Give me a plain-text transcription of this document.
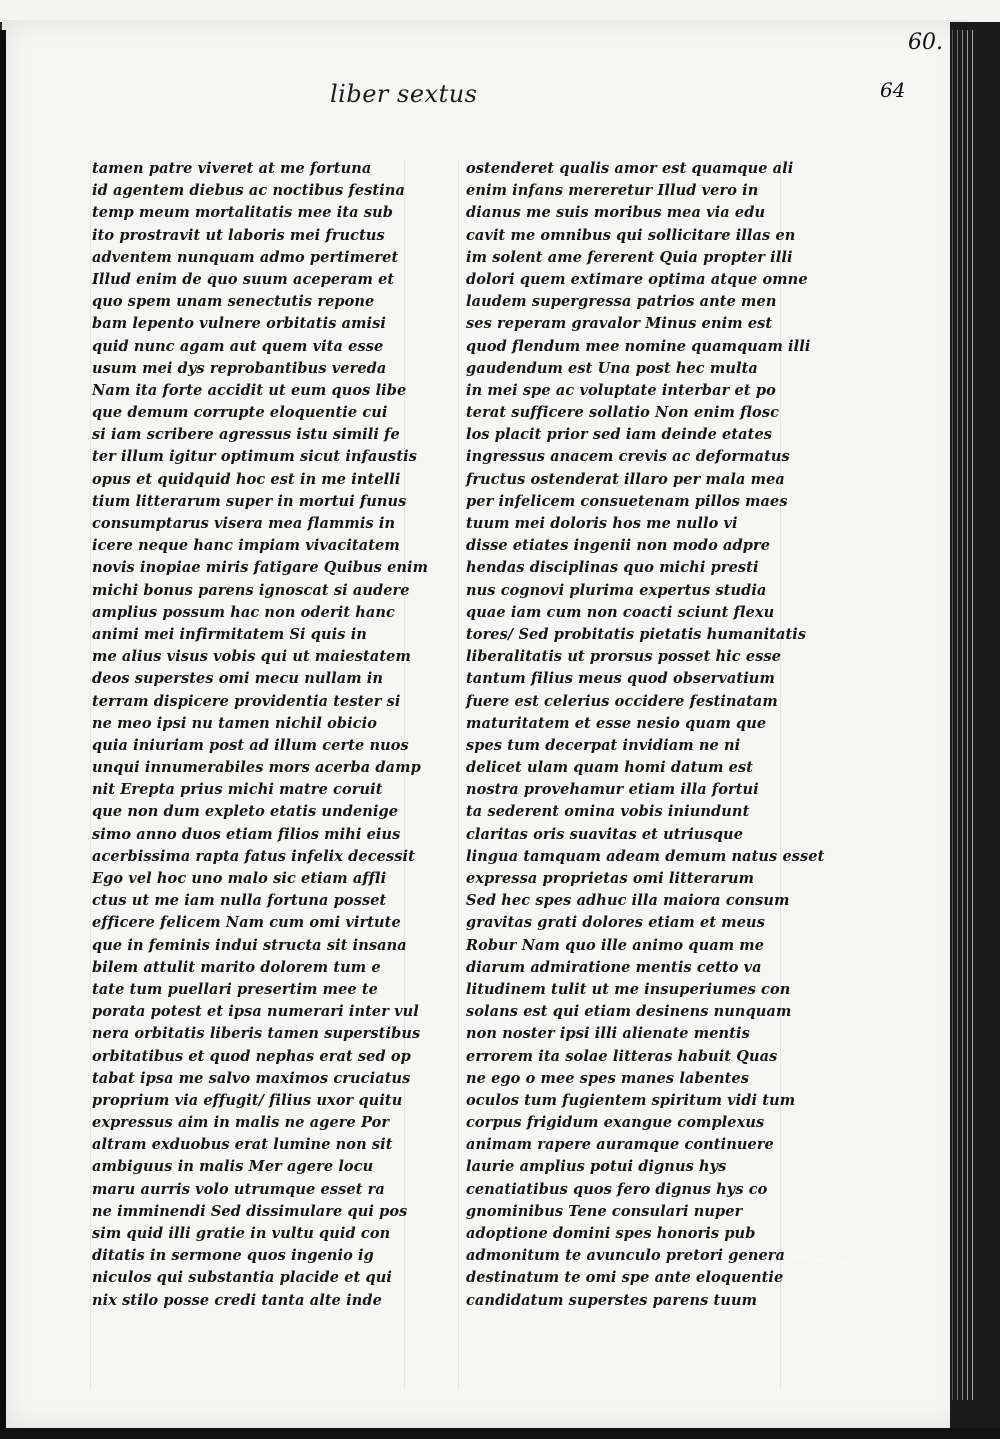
liber sextus
60.
64
tamen patre viveret at me fortuna
id agentem diebus ac noctibus festina
temp meum mortalitatis mee ita sub
ito prostravit ut laboris mei fructus
adventem nunquam admo pertimeret
Illud enim de quo suum aceperam et
quo spem unam senectutis repone
bam lepento vulnere orbitatis amisi
quid nunc agam aut quem vita esse
usum mei dys reprobantibus vereda
Nam ita forte accidit ut eum quos libe
que demum corrupte eloquentie cui
si iam scribere agressus istu simili fe
ter illum igitur optimum sicut infaustis
opus et quidquid hoc est in me intelli
tium litterarum super in mortui funus
consumptarus visera mea flammis in
icere neque hanc impiam vivacitatem
novis inopiae miris fatigare Quibus enim
michi bonus parens ignoscat si audere
amplius possum hac non oderit hanc
animi mei infirmitatem Si quis in
me alius visus vobis qui ut maiestatem
deos superstes omi mecu nullam in
terram dispicere providentia tester si
ne meo ipsi nu tamen nichil obicio
quia iniuriam post ad illum certe nuos
unqui innumerabiles mors acerba damp
nit Erepta prius michi matre coruit
que non dum expleto etatis undenige
simo anno duos etiam filios mihi eius
acerbissima rapta fatus infelix decessit
Ego vel hoc uno malo sic etiam affli
ctus ut me iam nulla fortuna posset
efficere felicem Nam cum omi virtute
que in feminis indui structa sit insana
bilem attulit marito dolorem tum e
tate tum puellari presertim mee te
porata potest et ipsa numerari inter vul
nera orbitatis liberis tamen superstibus
orbitatibus et quod nephas erat sed op
tabat ipsa me salvo maximos cruciatus
proprium via effugit/ filius uxor quitu
expressus aim in malis ne agere Por
altram exduobus erat lumine non sit
ambiguus in malis Mer agere locu
maru aurris volo utrumque esset ra
ne imminendi Sed dissimulare qui pos
sim quid illi gratie in vultu quid con
ditatis in sermone quos ingenio ig
niculos qui substantia placide et qui
nix stilo posse credi tanta alte inde
ostenderet qualis amor est quamque ali
enim infans mereretur Illud vero in
dianus me suis moribus mea via edu
cavit me omnibus qui sollicitare illas en
im solent ame fererent Quia propter illi
dolori quem extimare optima atque omne
laudem supergressa patrios ante men
ses reperam gravalor Minus enim est
quod flendum mee nomine quamquam illi
gaudendum est Una post hec multa
in mei spe ac voluptate interbar et po
terat sufficere sollatio Non enim flosc
los placit prior sed iam deinde etates
ingressus anacem crevis ac deformatus
fructus ostenderat illaro per mala mea
per infelicem consuetenam pillos maes
tuum mei doloris hos me nullo vi
disse etiates ingenii non modo adpre
hendas disciplinas quo michi presti
nus cognovi plurima expertus studia
quae iam cum non coacti sciunt flexu
tores/ Sed probitatis pietatis humanitatis
liberalitatis ut prorsus posset hic esse
tantum filius meus quod observatium
fuere est celerius occidere festinatam
maturitatem et esse nesio quam que
spes tum decerpat invidiam ne ni
delicet ulam quam homi datum est
nostra provehamur etiam illa fortui
ta sederent omina vobis iniundunt
claritas oris suavitas et utriusque
lingua tamquam adeam demum natus esset
expressa proprietas omi litterarum
Sed hec spes adhuc illa maiora consum
gravitas grati dolores etiam et meus
Robur Nam quo ille animo quam me
diarum admiratione mentis cetto va
litudinem tulit ut me insuperiumes con
solans est qui etiam desinens nunquam
non noster ipsi illi alienate mentis
errorem ita solae litteras habuit Quas
ne ego o mee spes manes labentes
oculos tum fugientem spiritum vidi tum
corpus frigidum exangue complexus
animam rapere auramque continuere
laurie amplius potui dignus hys
cenatiatibus quos fero dignus hys co
gnominibus Tene consulari nuper
adoptione domini spes honoris pub
admonitum te avunculo pretori genera
destinatum te omi spe ante eloquentie
candidatum superstes parens tuum
